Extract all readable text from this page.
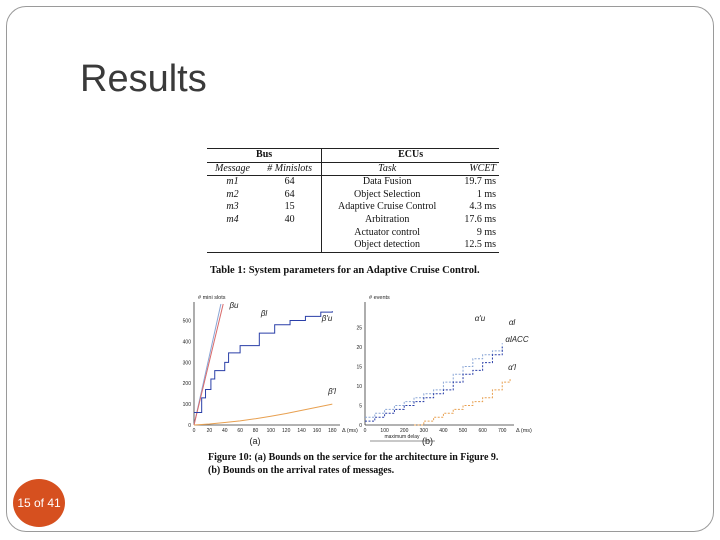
Results
Bus		ECUs	
Message	# Minislots	Task	WCET
m1	64	Data Fusion	19.7 ms
m2	64	Object Selection	1 ms
m3	15	Adaptive Cruise Control	4.3 ms
m4	40	Arbitration	17.6 ms
		Actuator control	9 ms
		Object detection	12.5 ms
Table 1: System parameters for an Adaptive Cruise Control.
0 20 40 60 80 100 120 140 160 180
0
100
200
300
400
500
# mini slots
Δ (ms)
(a)
βu
βl
β'u
β'l
0	100 200 300 400 500 600 700
0
5
10
15
20
25
# events
Δ (ms)
(b)
α'u	αl
αlACC
α'l
maximum delay
Figure 10: (a) Bounds on the service for the architecture in Figure 9.
(b) Bounds on the arrival rates of messages.
15 of 41
